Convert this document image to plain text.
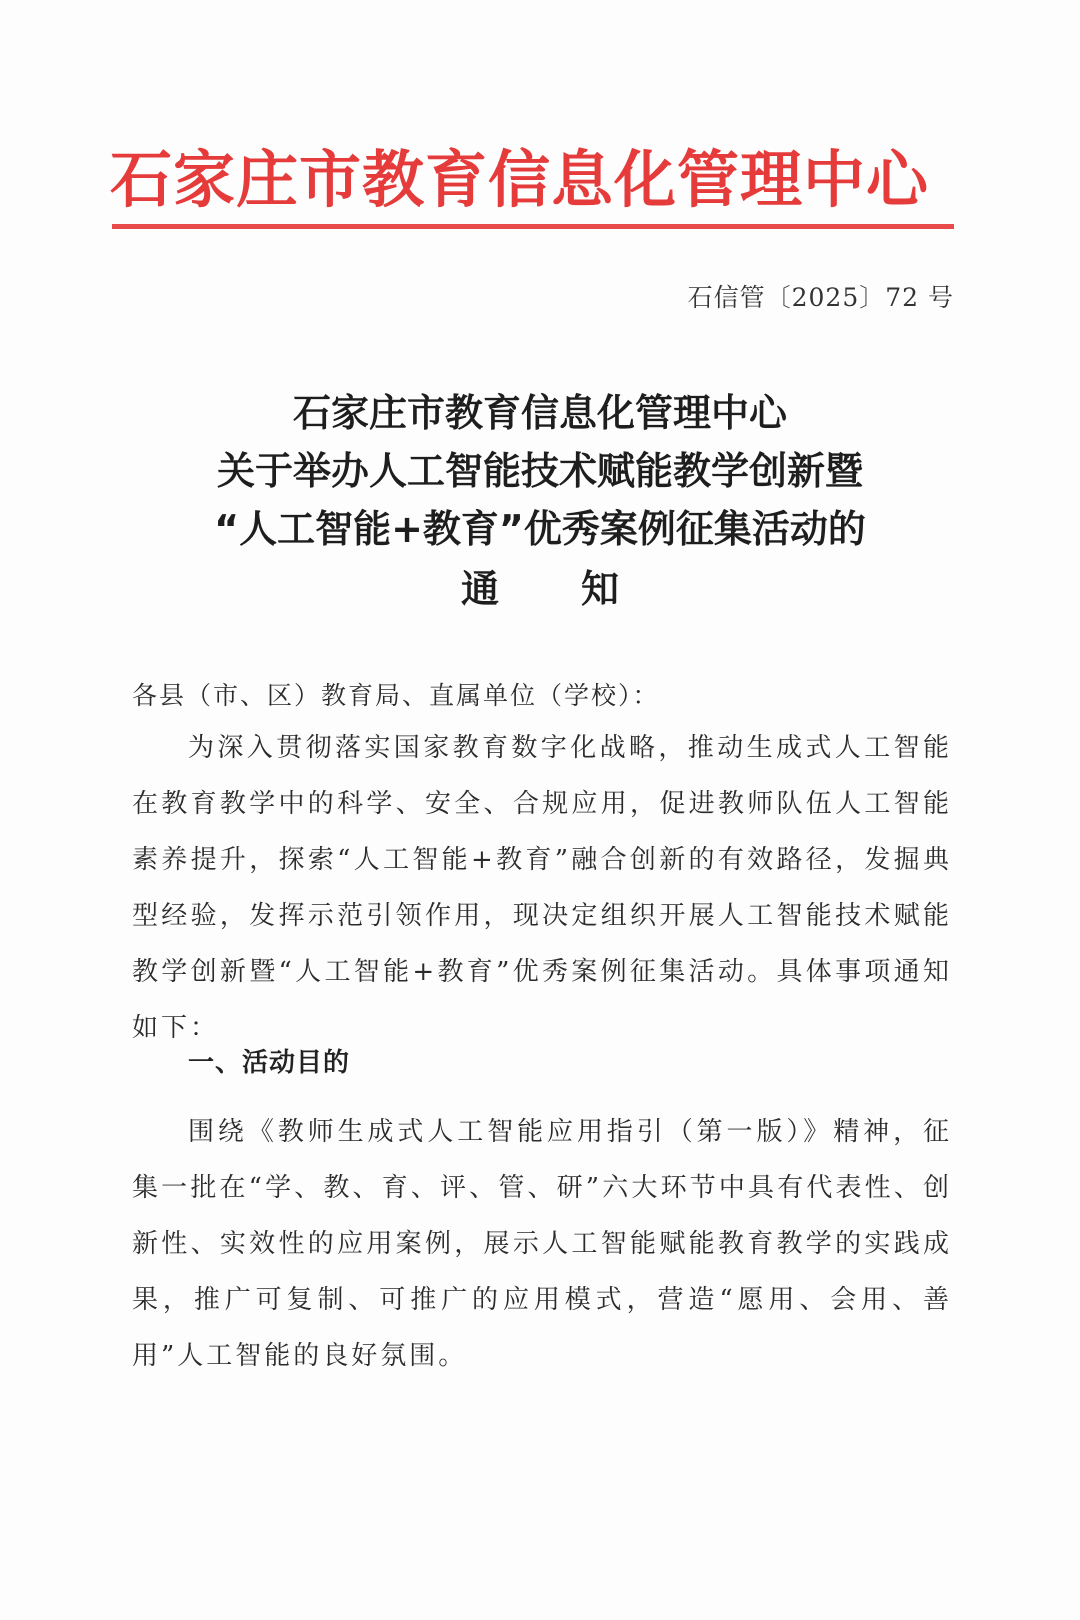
石家庄市教育信息化管理中心
石信管〔2025〕72 号
石家庄市教育信息化管理中心
关于举办人工智能技术赋能教学创新暨
“人工智能+教育”优秀案例征集活动的
通知
各县（市、区）教育局、直属单位（学校）：

为深入贯彻落实国家教育数字化战略，推动生成式人工智能在教育教学中的科学、安全、合规应用，促进教师队伍人工智能素养提升，探索“人工智能+教育”融合创新的有效路径，发掘典型经验，发挥示范引领作用，现决定组织开展人工智能技术赋能教学创新暨“人工智能+教育”优秀案例征集活动。具体事项通知如下：

一、活动目的

围绕《教师生成式人工智能应用指引（第一版）》精神，征集一批在“学、教、育、评、管、研”六大环节中具有代表性、创新性、实效性的应用案例，展示人工智能赋能教育教学的实践成果，推广可复制、可推广的应用模式，营造“愿用、会用、善用”人工智能的良好氛围。
